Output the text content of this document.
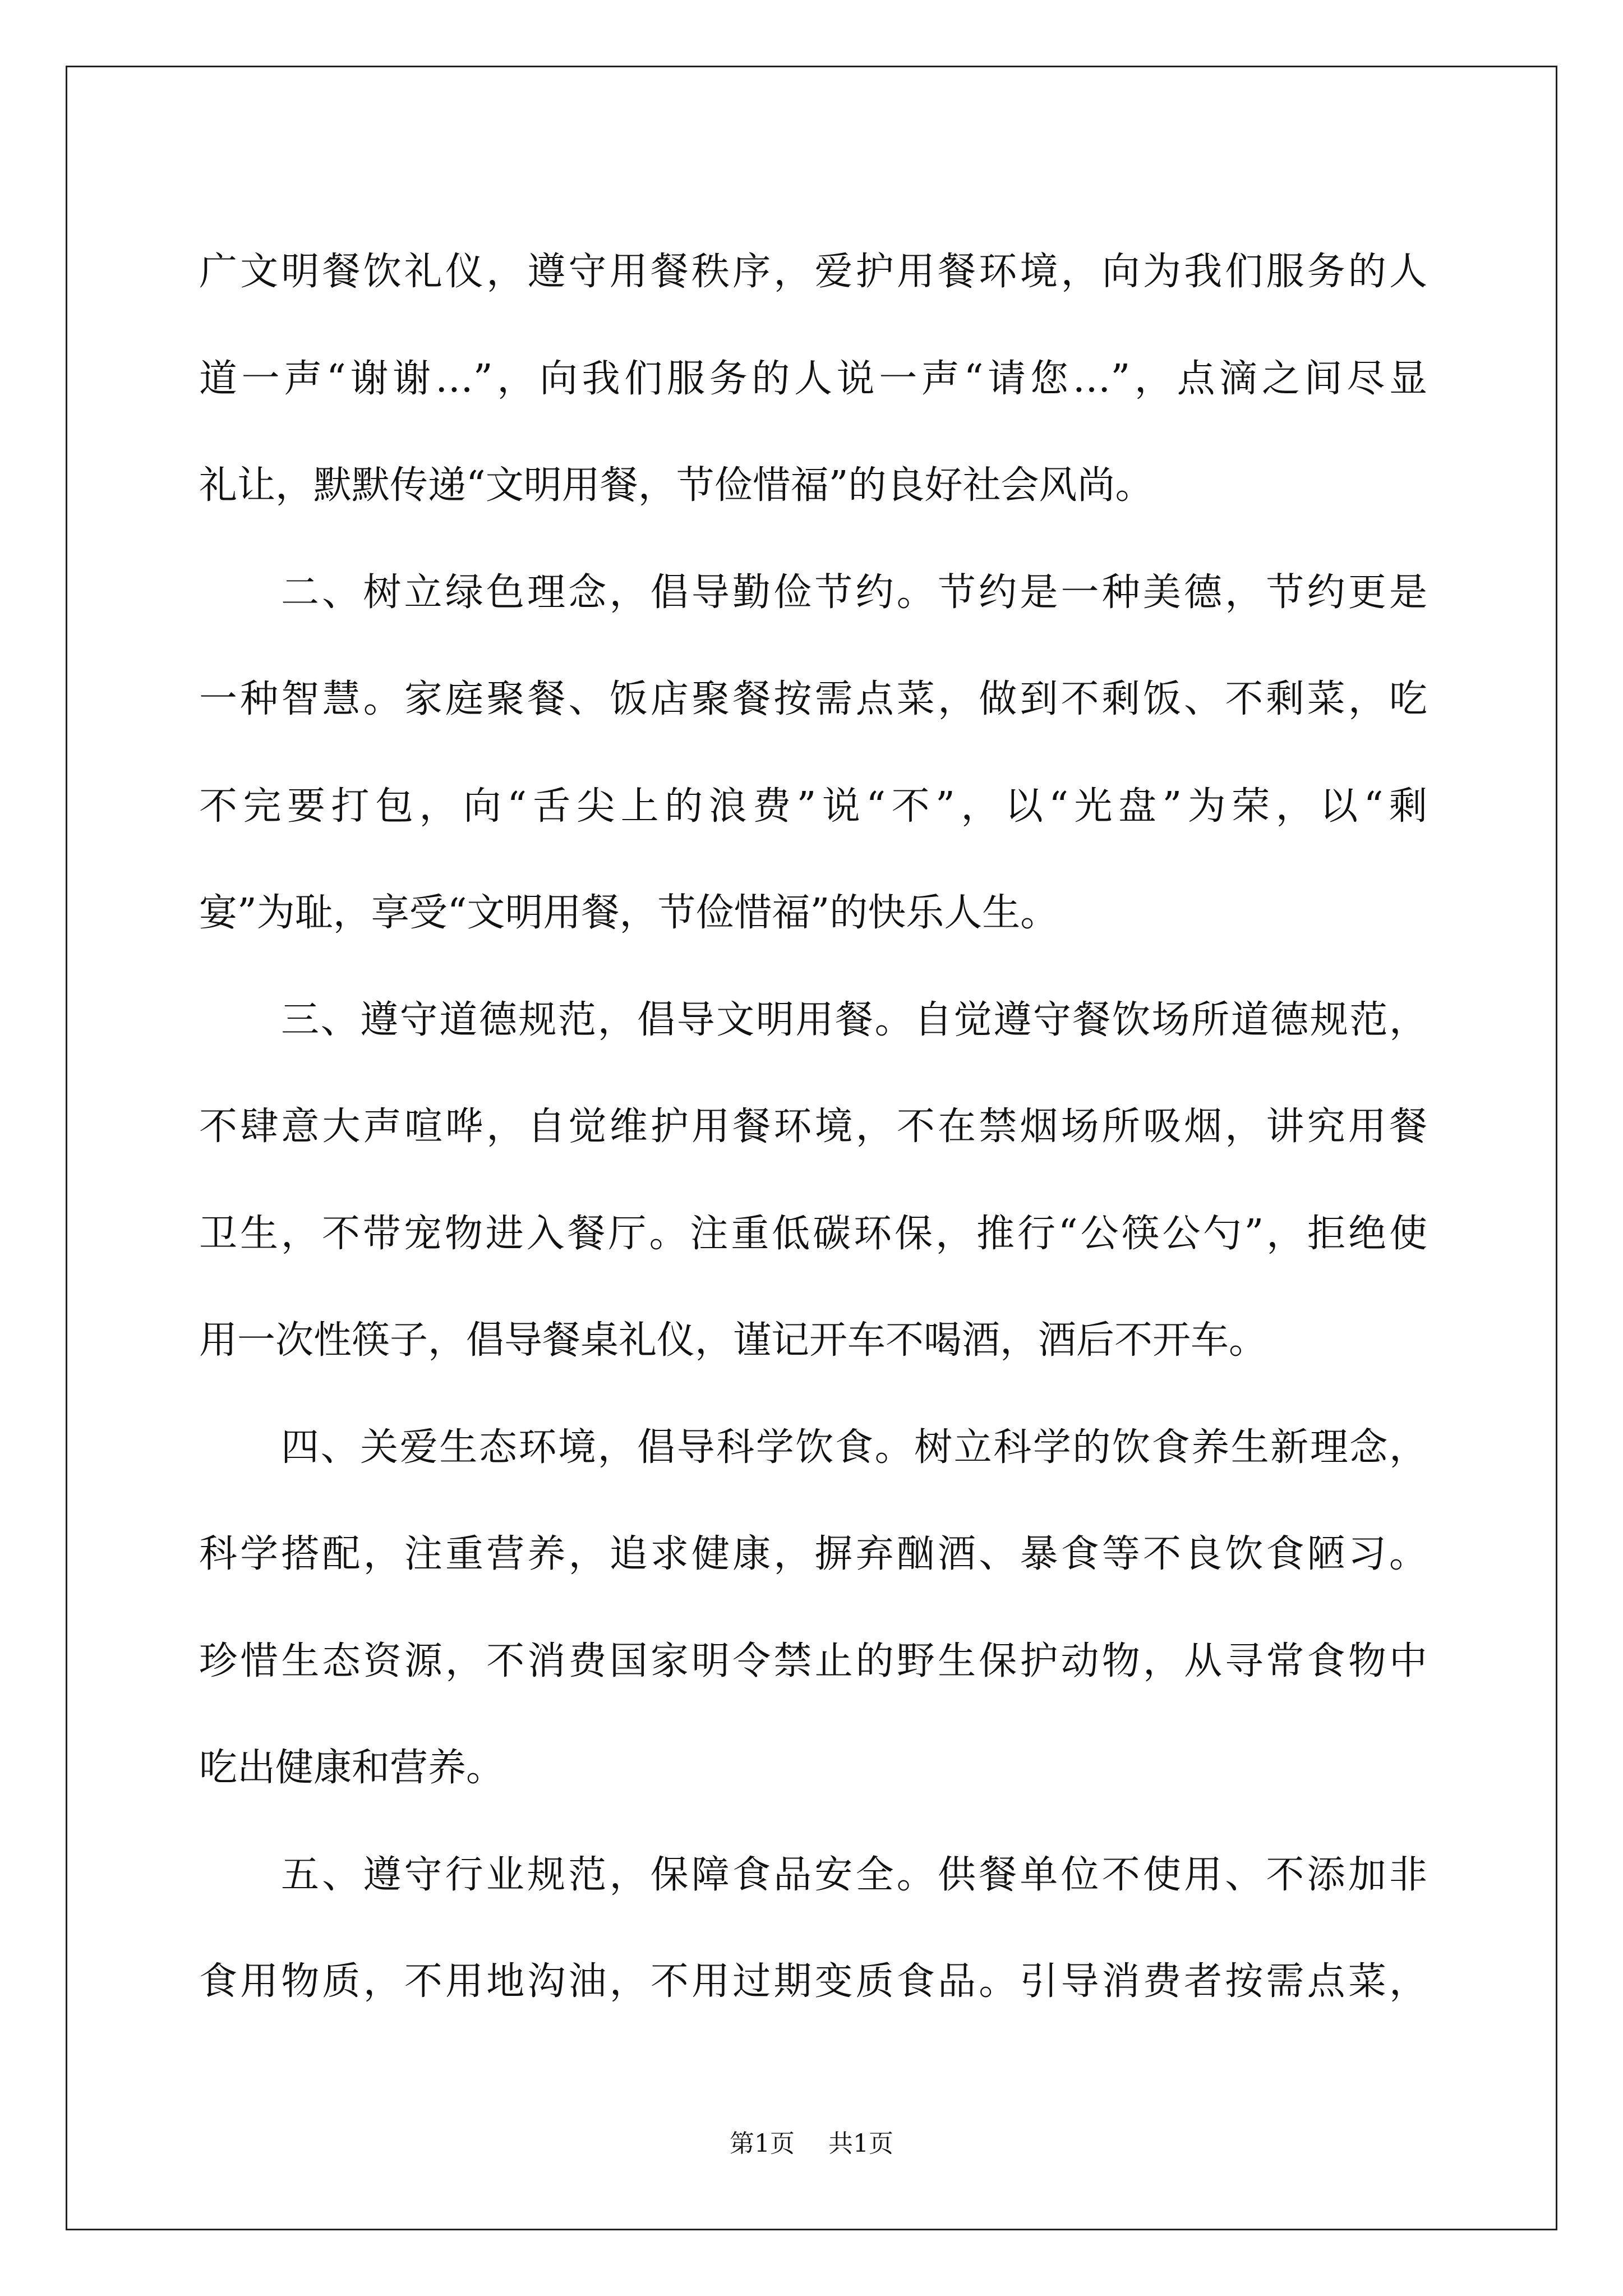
广文明餐饮礼仪，遵守用餐秩序，爱护用餐环境，向为我们服务的人
道一声“谢谢…”，向我们服务的人说一声“请您…”，点滴之间尽显
礼让，默默传递“文明用餐，节俭惜福”的良好社会风尚。
二、树立绿色理念，倡导勤俭节约。节约是一种美德，节约更是
一种智慧。家庭聚餐、饭店聚餐按需点菜，做到不剩饭、不剩菜，吃
不完要打包，向“舌尖上的浪费”说“不”，以“光盘”为荣，以“剩
宴”为耻，享受“文明用餐，节俭惜福”的快乐人生。
三、遵守道德规范，倡导文明用餐。自觉遵守餐饮场所道德规范，
不肆意大声喧哗，自觉维护用餐环境，不在禁烟场所吸烟，讲究用餐
卫生，不带宠物进入餐厅。注重低碳环保，推行“公筷公勺”，拒绝使
用一次性筷子，倡导餐桌礼仪，谨记开车不喝酒，酒后不开车。
四、关爱生态环境，倡导科学饮食。树立科学的饮食养生新理念，
科学搭配，注重营养，追求健康，摒弃酗酒、暴食等不良饮食陋习。
珍惜生态资源，不消费国家明令禁止的野生保护动物，从寻常食物中
吃出健康和营养。
五、遵守行业规范，保障食品安全。供餐单位不使用、不添加非
食用物质，不用地沟油，不用过期变质食品。引导消费者按需点菜，
第1页 共1页
